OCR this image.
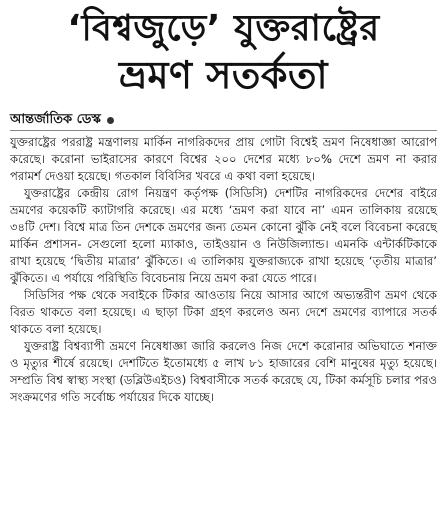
‘বিশ্বজুড়ে’ যুক্তরাষ্ট্রের
ভ্রমণ সতর্কতা
আন্তর্জাতিক ডেস্ক

যুক্তরাষ্ট্রের পররাষ্ট্র মন্ত্রণালয় মার্কিন নাগরিকদের প্রায় গোটা বিশ্বেই ভ্রমণ নিষেধাজ্ঞা আরোপ করেছে। করোনা ভাইরাসের কারণে বিশ্বের ২০০ দেশের মধ্যে ৮০% দেশে ভ্রমণ না করার পরামর্শ দেওয়া হয়েছে। গতকাল বিবিসির খবরে এ কথা বলা হয়েছে।

যুক্তরাষ্ট্রের কেন্দ্রীয় রোগ নিয়ন্ত্রণ কর্তৃপক্ষ (সিডিসি) দেশটির নাগরিকদের দেশের বাইরে ভ্রমণের কয়েকটি ক্যাটাগরি করেছে। এর মধ্যে ‘ভ্রমণ করা যাবে না’ এমন তালিকায় রয়েছে ৩৪টি দেশ। বিশ্বে মাত্র তিন দেশকে ভ্রমণের জন্য তেমন কোনো ঝুঁকি নেই বলে বিবেচনা করেছে মার্কিন প্রশাসন- সেগুলো হলো ম্যাকাও, তাইওয়ান ও নিউজিল্যান্ড। এমনকি এন্টার্কটিকাকে রাখা হয়েছে ‘দ্বিতীয় মাত্রার’ ঝুঁকিতে। এ তালিকায় যুক্তরাজ্যকে রাখা হয়েছে ‘তৃতীয় মাত্রার’ ঝুঁকিতে। এ পর্যায়ে পরিস্থিতি বিবেচনায় নিয়ে ভ্রমণ করা যেতে পারে।

সিডিসির পক্ষ থেকে সবাইকে টিকার আওতায় নিয়ে আসার আগে অভ্যন্তরীণ ভ্রমণ থেকে বিরত থাকতে বলা হয়েছে। এ ছাড়া টিকা গ্রহণ করলেও অন্য দেশে ভ্রমণের ব্যাপারে সতর্ক থাকতে বলা হয়েছে।

যুক্তরাষ্ট্র বিশ্বব্যাপী ভ্রমণে নিষেধাজ্ঞা জারি করলেও নিজ দেশে করোনার অভিঘাতে শনাক্ত ও মৃত্যুর শীর্ষে রয়েছে। দেশটিতে ইতোমধ্যে ৫ লাখ ৮১ হাজারের বেশি মানুষের মৃত্যু হয়েছে। সম্প্রতি বিশ্ব স্বাস্থ্য সংস্থা (ডব্লিউএইচও) বিশ্ববাসীকে সতর্ক করেছে যে, টিকা কর্মসূচি চলার পরও সংক্রমণের গতি সর্বোচ্চ পর্যায়ের দিকে যাচ্ছে।
